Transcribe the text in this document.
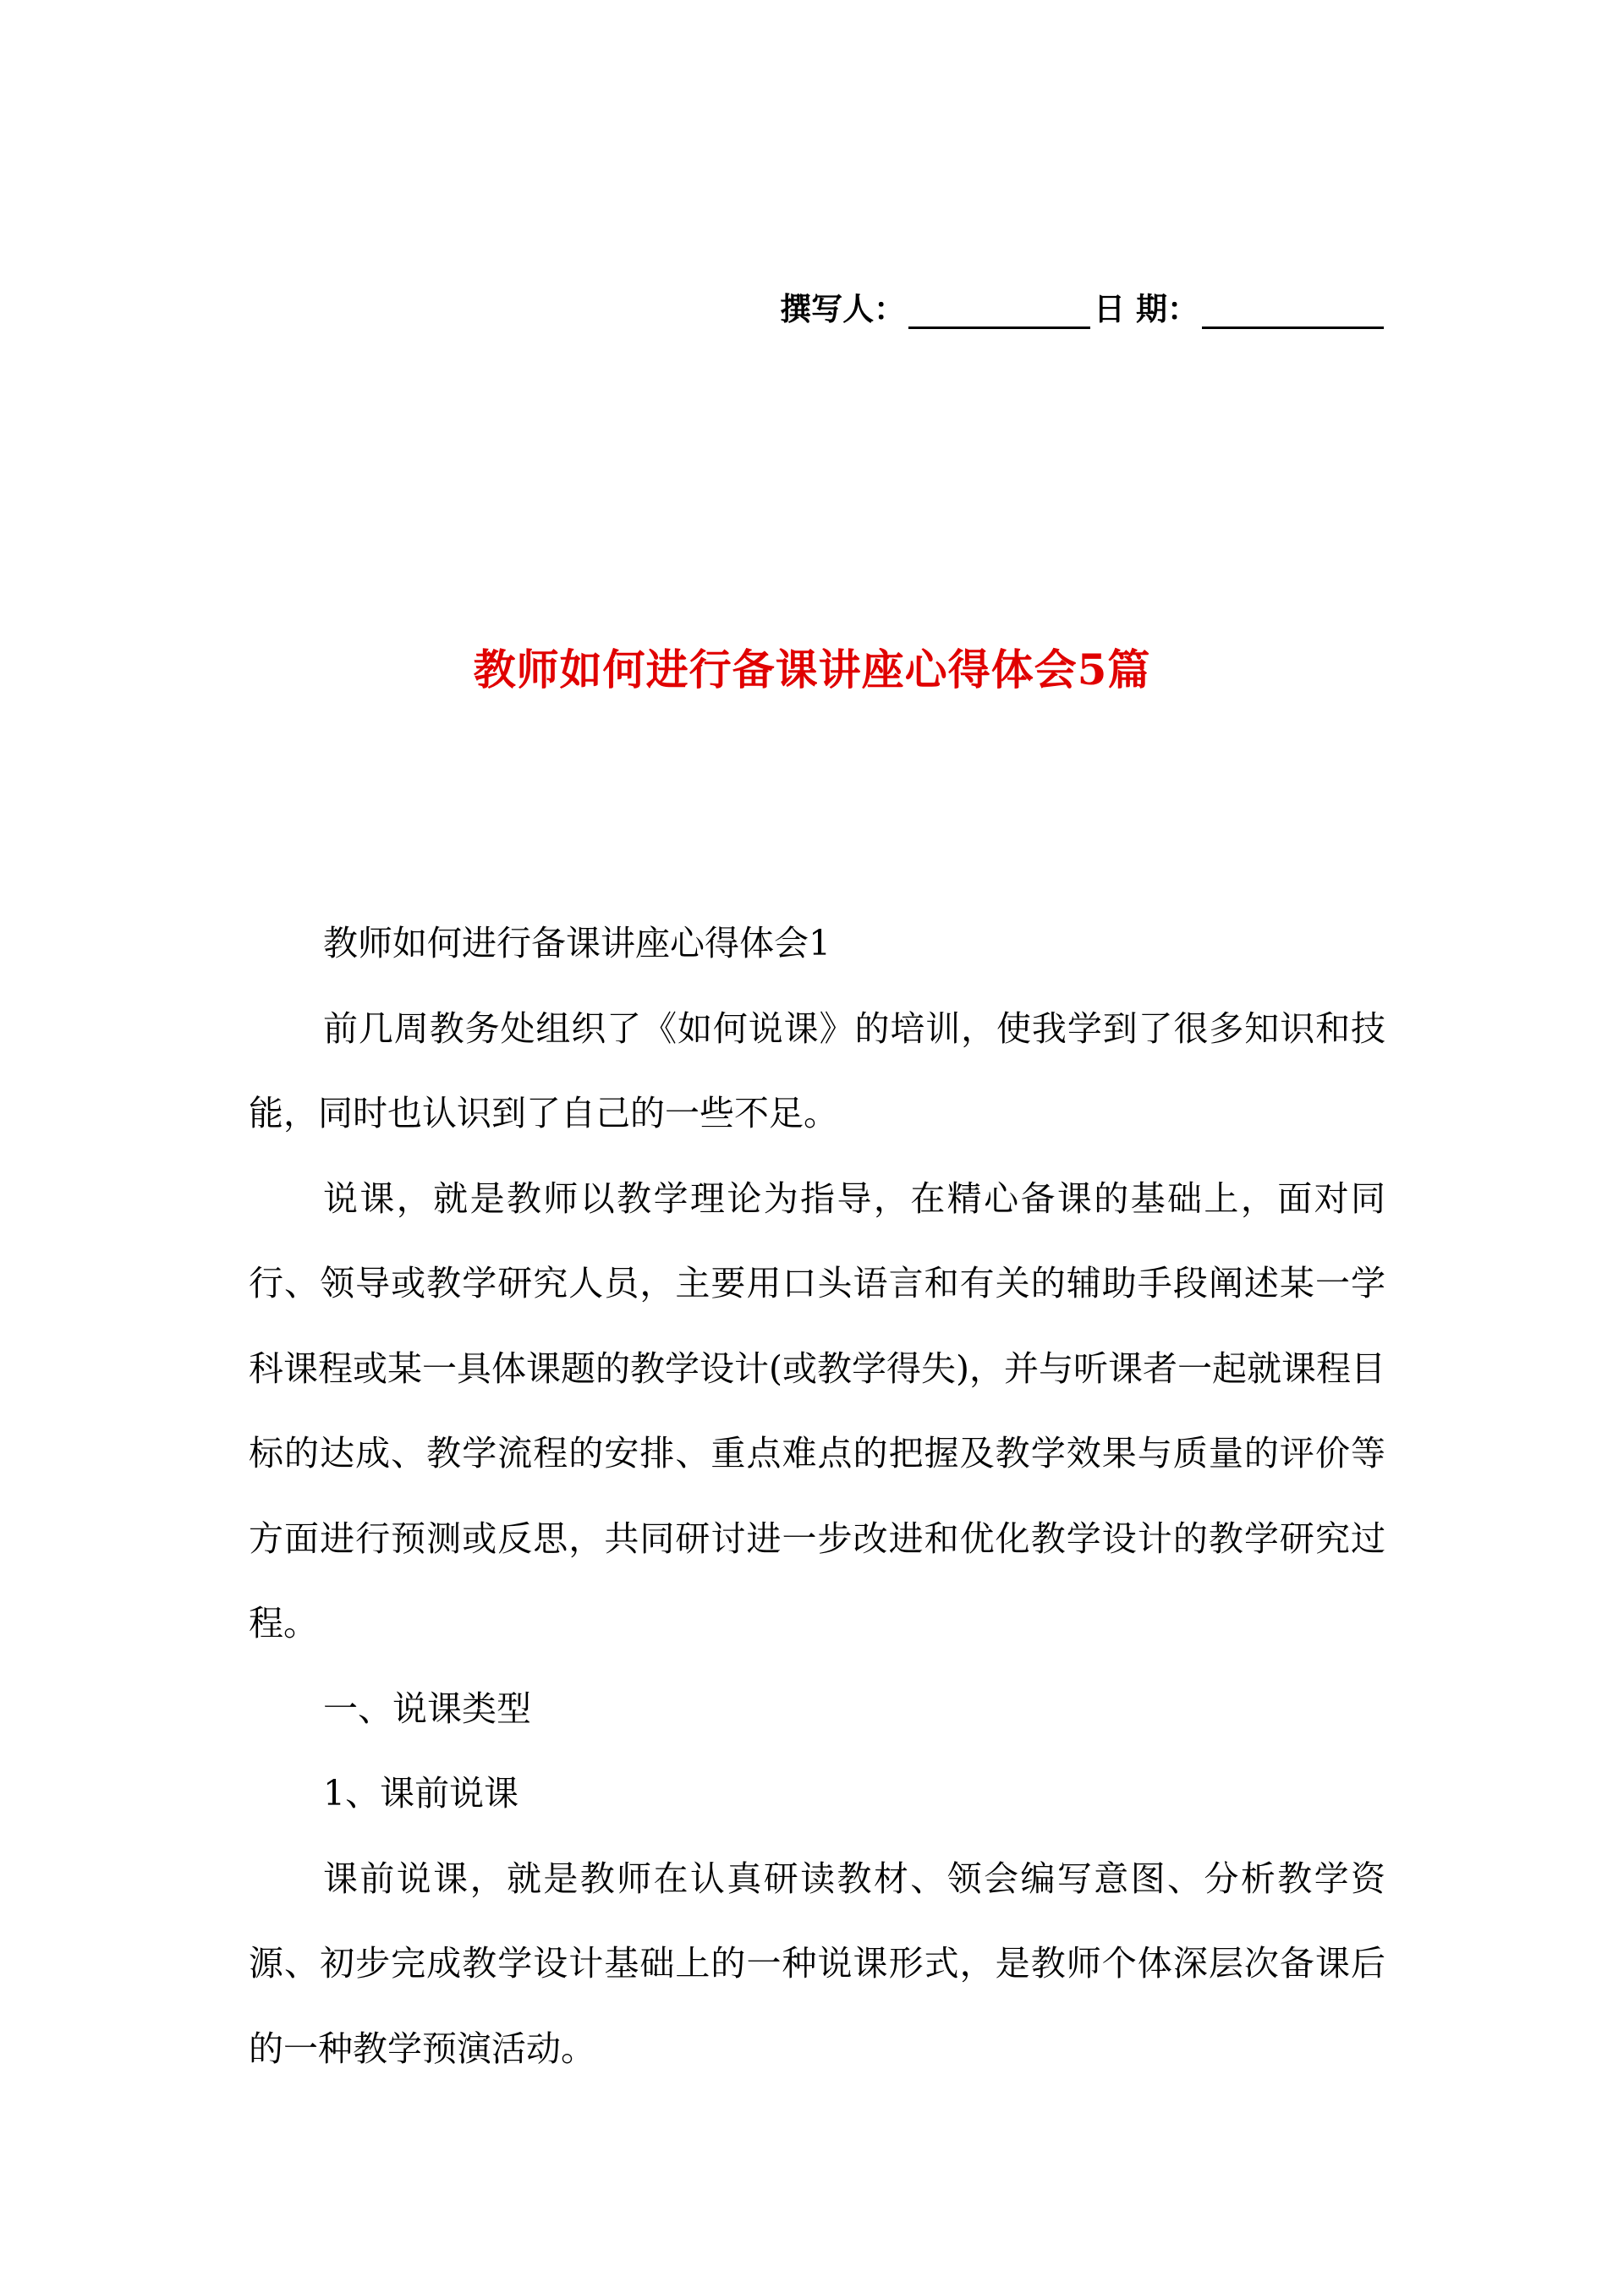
撰写人：	日 期：
教师如何进行备课讲座心得体会5篇

教师如何进行备课讲座心得体会1

前几周教务处组织了《如何说课》的培训，使我学到了很多知识和技能，同时也认识到了自己的一些不足。

说课，就是教师以教学理论为指导，在精心备课的基础上，面对同行、领导或教学研究人员，主要用口头语言和有关的辅助手段阐述某一学科课程或某一具体课题的教学设计(或教学得失)，并与听课者一起就课程目标的达成、教学流程的安排、重点难点的把握及教学效果与质量的评价等方面进行预测或反思，共同研讨进一步改进和优化教学设计的教学研究过程。

一、说课类型

1、课前说课

课前说课，就是教师在认真研读教材、领会编写意图、分析教学资源、初步完成教学设计基础上的一种说课形式，是教师个体深层次备课后的一种教学预演活动。
